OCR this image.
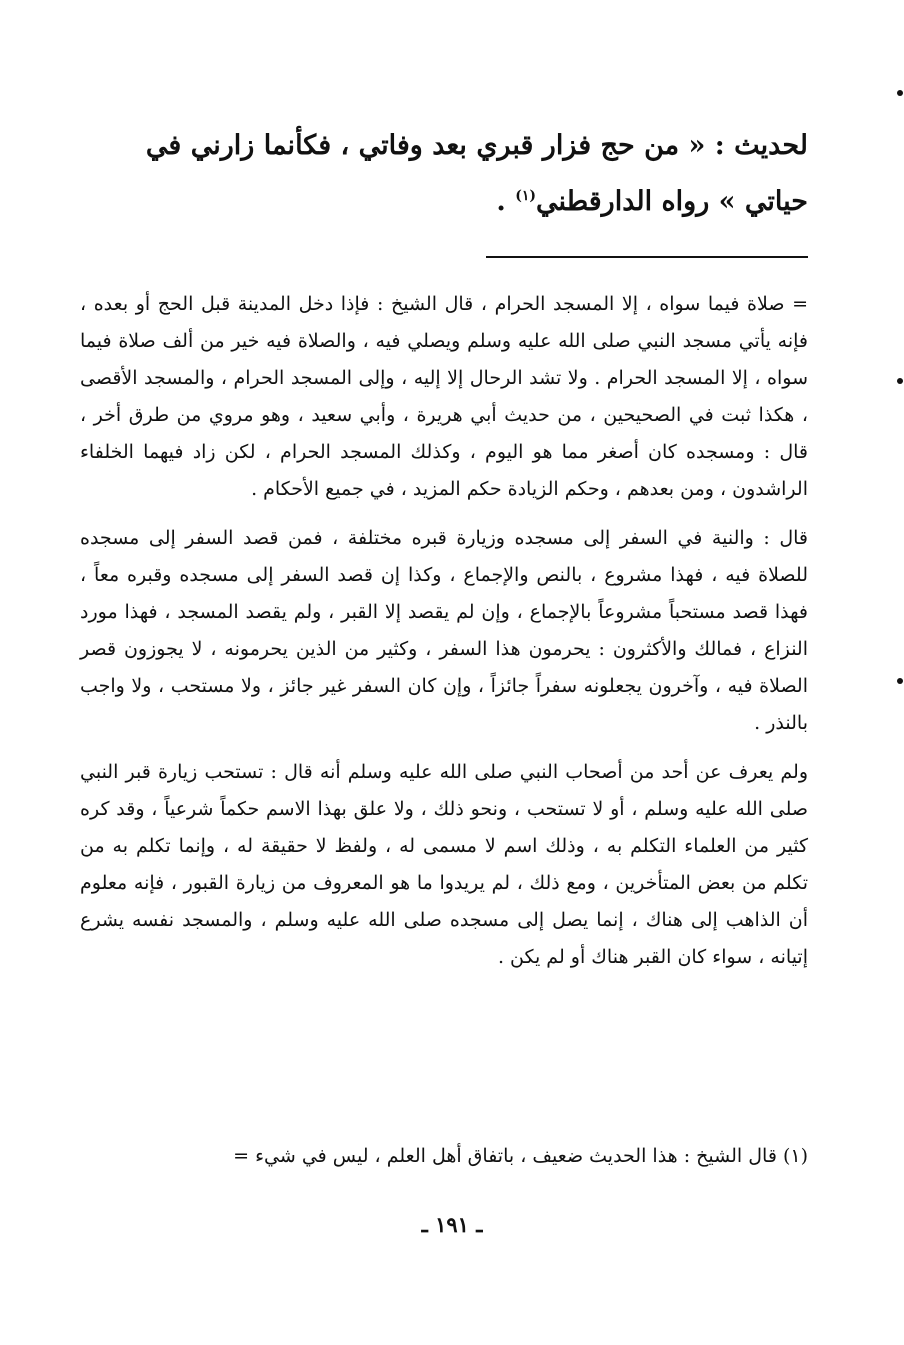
لحديث : « من حج فزار قبري بعد وفاتي ، فكأنما زارني في
حياتي » رواه الدارقطني$^{(١)}$ .

= صلاة فيما سواه ، إلا المسجد الحرام ، قال الشيخ : فإذا دخل المدينة قبل الحج أو بعده ، فإنه يأتي مسجد النبي صلى الله عليه وسلم ويصلي فيه ، والصلاة فيه خير من ألف صلاة فيما سواه ، إلا المسجد الحرام . ولا تشد الرحال إلا إليه ، وإلى المسجد الحرام ، والمسجد الأقصى ، هكذا ثبت في الصحيحين ، من حديث أبي هريرة ، وأبي سعيد ، وهو مروي من طرق أخر ، قال : ومسجده كان أصغر مما هو اليوم ، وكذلك المسجد الحرام ، لكن زاد فيهما الخلفاء الراشدون ، ومن بعدهم ، وحكم الزيادة حكم المزيد ، في جميع الأحكام .

قال : والنية في السفر إلى مسجده وزيارة قبره مختلفة ، فمن قصد السفر إلى مسجده للصلاة فيه ، فهذا مشروع ، بالنص والإجماع ، وكذا إن قصد السفر إلى مسجده وقبره معاً ، فهذا قصد مستحباً مشروعاً بالإجماع ، وإن لم يقصد إلا القبر ، ولم يقصد المسجد ، فهذا مورد النزاع ، فمالك والأكثرون : يحرمون هذا السفر ، وكثير من الذين يحرمونه ، لا يجوزون قصر الصلاة فيه ، وآخرون يجعلونه سفراً جائزاً ، وإن كان السفر غير جائز ، ولا مستحب ، ولا واجب بالنذر .

ولم يعرف عن أحد من أصحاب النبي صلى الله عليه وسلم أنه قال : تستحب زيارة قبر النبي صلى الله عليه وسلم ، أو لا تستحب ، ونحو ذلك ، ولا علق بهذا الاسم حكماً شرعياً ، وقد كره كثير من العلماء التكلم به ، وذلك اسم لا مسمى له ، ولفظ لا حقيقة له ، وإنما تكلم به من تكلم من بعض المتأخرين ، ومع ذلك ، لم يريدوا ما هو المعروف من زيارة القبور ، فإنه معلوم أن الذاهب إلى هناك ، إنما يصل إلى مسجده صلى الله عليه وسلم ، والمسجد نفسه يشرع إتيانه ، سواء كان القبر هناك أو لم يكن .

(١) قال الشيخ : هذا الحديث ضعيف ، باتفاق أهل العلم ، ليس في شيء =
ـ ١٩١ ـ
